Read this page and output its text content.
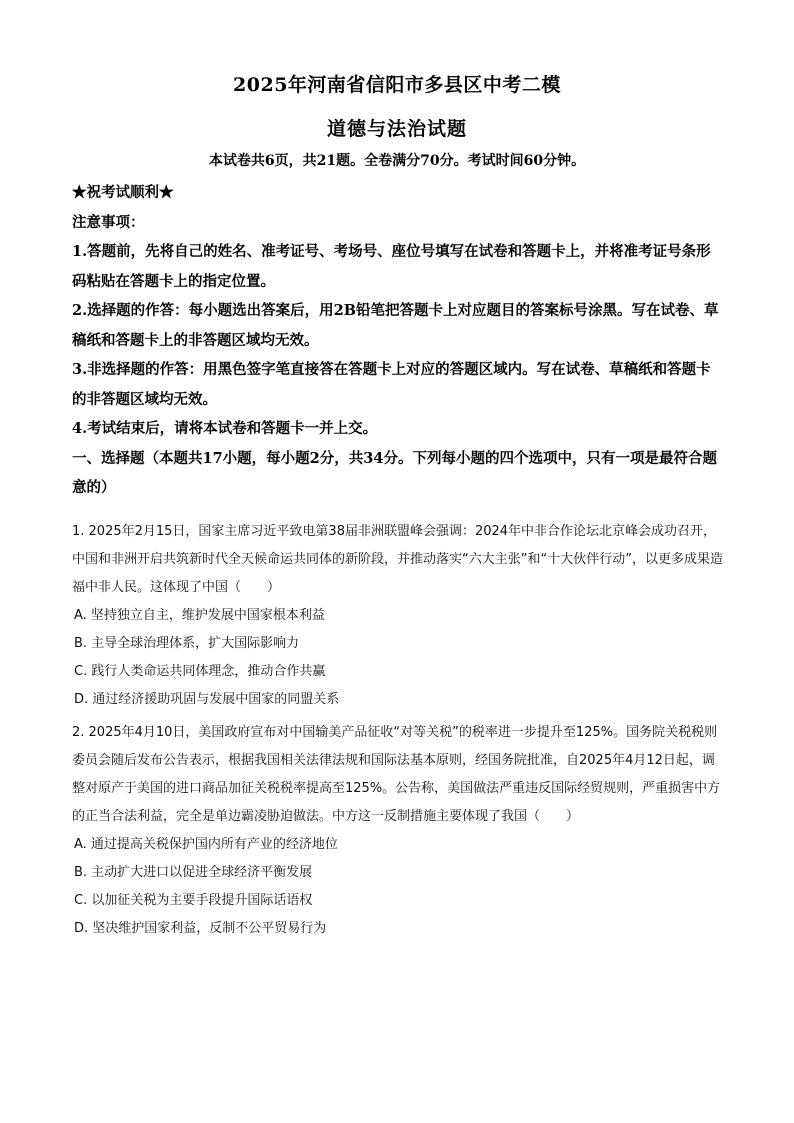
2025年河南省信阳市多县区中考二模
道德与法治试题
本试卷共6页，共21题。全卷满分70分。考试时间60分钟。

★祝考试顺利★

注意事项：

1.答题前，先将自己的姓名、准考证号、考场号、座位号填写在试卷和答题卡上，并将准考证号条形码粘贴在答题卡上的指定位置。

2.选择题的作答：每小题选出答案后，用2B铅笔把答题卡上对应题目的答案标号涂黑。写在试卷、草稿纸和答题卡上的非答题区域均无效。

3.非选择题的作答：用黑色签字笔直接答在答题卡上对应的答题区域内。写在试卷、草稿纸和答题卡的非答题区域均无效。

4.考试结束后，请将本试卷和答题卡一并上交。

一、选择题（本题共17小题，每小题2分，共34分。下列每小题的四个选项中，只有一项是最符合题意的）

1. 2025年2月15日，国家主席习近平致电第38届非洲联盟峰会强调：2024年中非合作论坛北京峰会成功召开，中国和非洲开启共筑新时代全天候命运共同体的新阶段，并推动落实“六大主张”和“十大伙伴行动”，以更多成果造福中非人民。这体现了中国（　　）

A. 坚持独立自主，维护发展中国家根本利益

B. 主导全球治理体系，扩大国际影响力

C. 践行人类命运共同体理念，推动合作共赢

D. 通过经济援助巩固与发展中国家的同盟关系

2. 2025年4月10日，美国政府宣布对中国输美产品征收“对等关税”的税率进一步提升至125%。国务院关税税则委员会随后发布公告表示，根据我国相关法律法规和国际法基本原则，经国务院批准，自2025年4月12日起，调整对原产于美国的进口商品加征关税税率提高至125%。公告称，美国做法严重违反国际经贸规则，严重损害中方的正当合法利益，完全是单边霸凌胁迫做法。中方这一反制措施主要体现了我国（　　）

A. 通过提高关税保护国内所有产业的经济地位

B. 主动扩大进口以促进全球经济平衡发展

C. 以加征关税为主要手段提升国际话语权

D. 坚决维护国家利益，反制不公平贸易行为
